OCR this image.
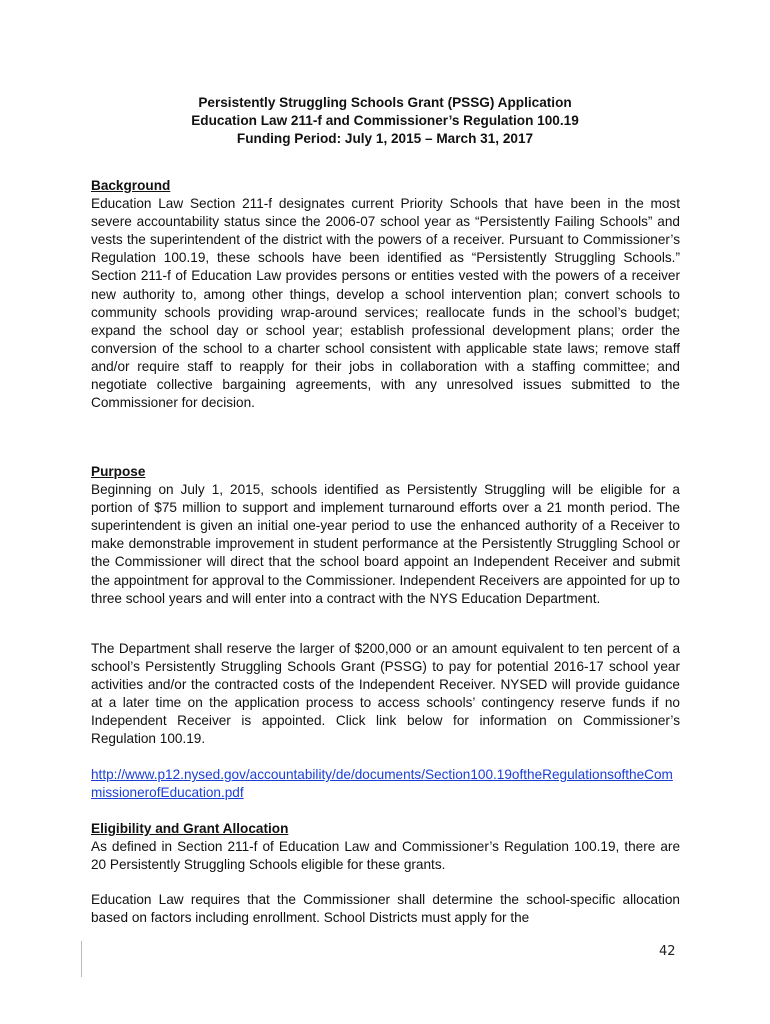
Persistently Struggling Schools Grant (PSSG) Application
Education Law 211-f and Commissioner’s Regulation 100.19
Funding Period: July 1, 2015 – March 31, 2017
Background

Education Law Section 211-f designates current Priority Schools that have been in the most severe accountability status since the 2006-07 school year as “Persistently Failing Schools” and vests the superintendent of the district with the powers of a receiver. Pursuant to Commissioner’s Regulation 100.19, these schools have been identified as “Persistently Struggling Schools.” Section 211-f of Education Law provides persons or entities vested with the powers of a receiver new authority to, among other things, develop a school intervention plan; convert schools to community schools providing wrap-around services; reallocate funds in the school’s budget; expand the school day or school year; establish professional development plans; order the conversion of the school to a charter school consistent with applicable state laws; remove staff and/or require staff to reapply for their jobs in collaboration with a staffing committee; and negotiate collective bargaining agreements, with any unresolved issues submitted to the Commissioner for decision.

Purpose

Beginning on July 1, 2015, schools identified as Persistently Struggling will be eligible for a portion of $75 million to support and implement turnaround efforts over a 21 month period. The superintendent is given an initial one-year period to use the enhanced authority of a Receiver to make demonstrable improvement in student performance at the Persistently Struggling School or the Commissioner will direct that the school board appoint an Independent Receiver and submit the appointment for approval to the Commissioner. Independent Receivers are appointed for up to three school years and will enter into a contract with the NYS Education Department.

The Department shall reserve the larger of $200,000 or an amount equivalent to ten percent of a school’s Persistently Struggling Schools Grant (PSSG) to pay for potential 2016-17 school year activities and/or the contracted costs of the Independent Receiver. NYSED will provide guidance at a later time on the application process to access schools’ contingency reserve funds if no Independent Receiver is appointed. Click link below for information on Commissioner’s Regulation 100.19.

http://www.p12.nysed.gov/accountability/de/documents/Section100.19oftheRegulationsoftheCommissionerofEducation.pdf
Eligibility and Grant Allocation

As defined in Section 211-f of Education Law and Commissioner’s Regulation 100.19, there are 20 Persistently Struggling Schools eligible for these grants.

Education Law requires that the Commissioner shall determine the school-specific allocation based on factors including enrollment. School Districts must apply for the

42
